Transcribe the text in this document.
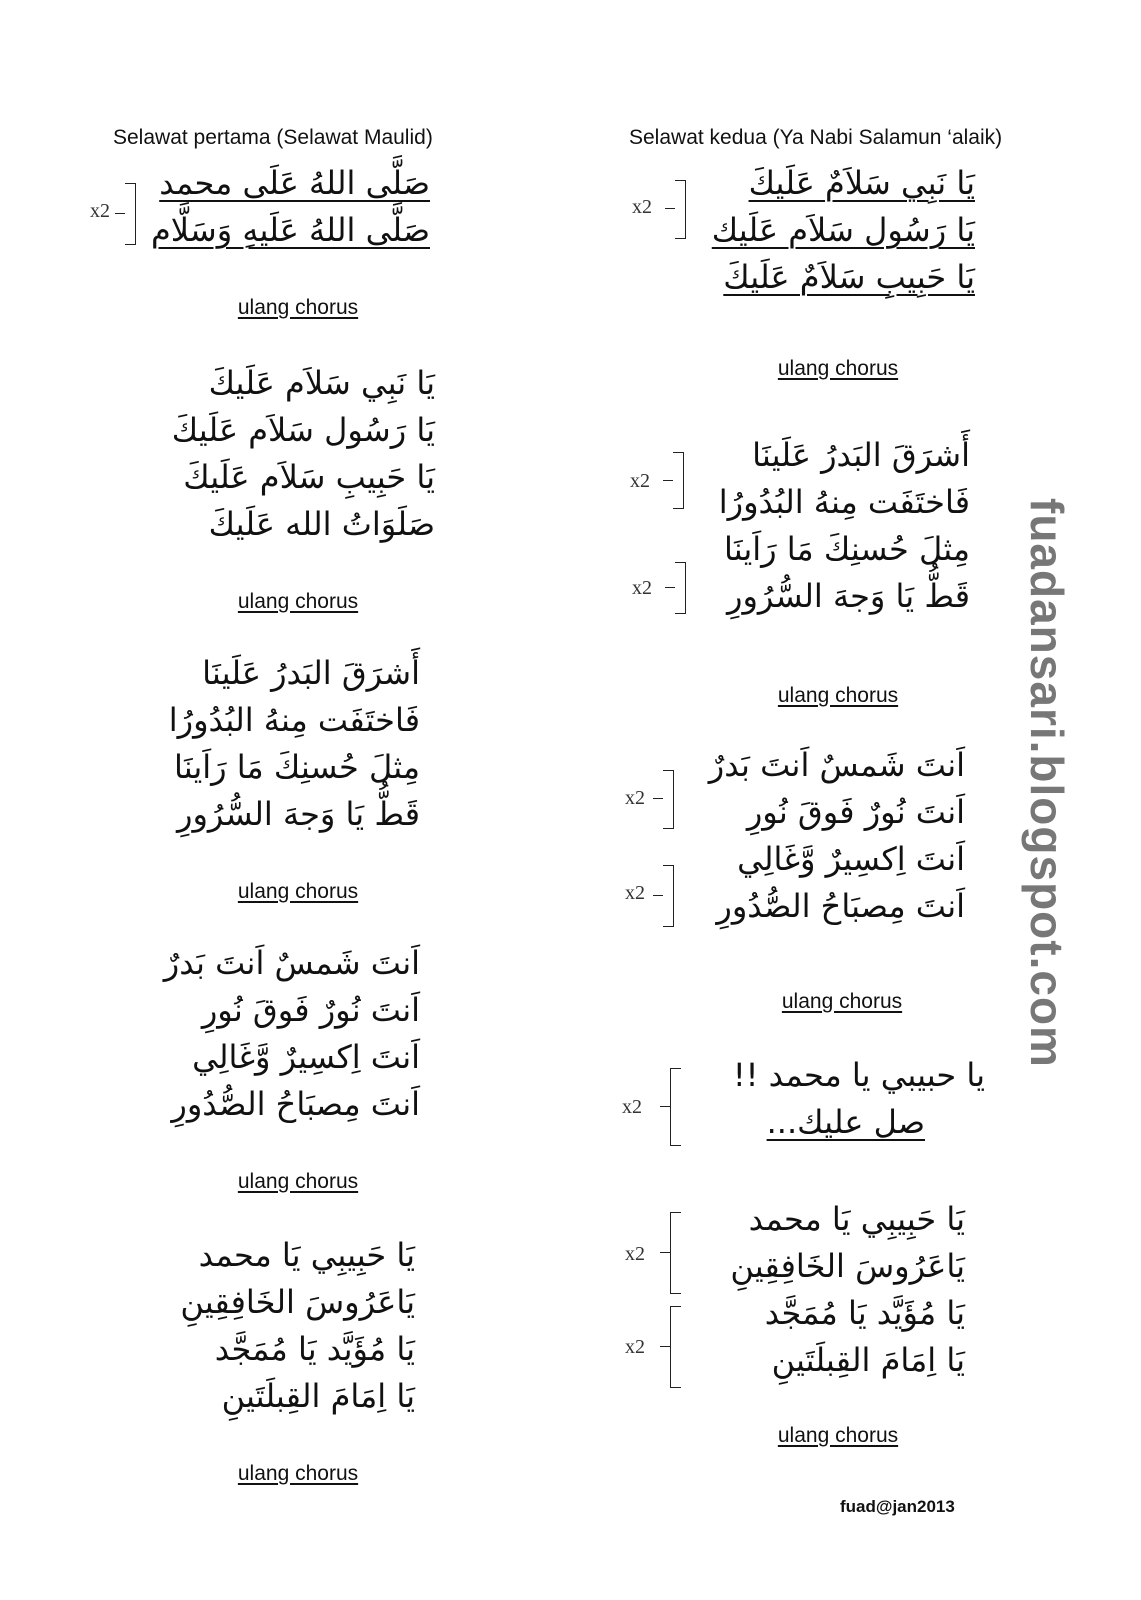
Selawat pertama (Selawat Maulid)
x2
صَلَّى اللهُ عَلَى محمد
صَلَّى اللهُ عَلَيهِ وَسَلَّام
ulang chorus
يَا نَبِي سَلاَم عَلَيكَ
يَا رَسُول سَلاَم عَلَيكَ
يَا حَبِيبِ سَلاَم عَلَيكَ
صَلَوَاتُ الله عَلَيكَ
ulang chorus
أَشرَقَ البَدرُ عَلَينَا
فَاختَفَت مِنهُ البُدُورُا
مِثلَ حُسنِكَ مَا رَاَينَا
قَطُّ يَا وَجهَ السُّرُورِ
ulang chorus
اَنتَ شَمسٌ اَنتَ بَدرٌ
اَنتَ نُورٌ فَوقَ نُورِ
اَنتَ اِكسِيرٌ وَّغَالِي
اَنتَ مِصبَاحُ الصُّدُورِ
ulang chorus
يَا حَبِيبِي يَا محمد
يَاعَرُوسَ الخَافِقِينِ
يَا مُؤَيَّد يَا مُمَجَّد
يَا اِمَامَ القِبلَتَينِ
ulang chorus
Selawat kedua (Ya Nabi Salamun ‘alaik)
x2
يَا نَبِي سَلاَمٌ عَلَيكَ
يَا رَسُول سَلاَم عَلَيك
يَا حَبِيبِ سَلاَمٌ عَلَيكَ
ulang chorus
x2
x2
أَشرَقَ البَدرُ عَلَينَا
فَاختَفَت مِنهُ البُدُورُا
مِثلَ حُسنِكَ مَا رَاَينَا
قَطُّ يَا وَجهَ السُّرُورِ
ulang chorus
x2
x2
اَنتَ شَمسٌ اَنتَ بَدرٌ
اَنتَ نُورٌ فَوقَ نُورِ
اَنتَ اِكسِيرٌ وَّغَالِي
اَنتَ مِصبَاحُ الصُّدُورِ
ulang chorus
x2
يا حبيبي يا محمد !!
صل عليك...
x2
x2
يَا حَبِيبِي يَا محمد
يَاعَرُوسَ الخَافِقِينِ
يَا مُؤَيَّد يَا مُمَجَّد
يَا اِمَامَ القِبلَتَينِ
ulang chorus
fuadansari.blogspot.com
fuad@jan2013
